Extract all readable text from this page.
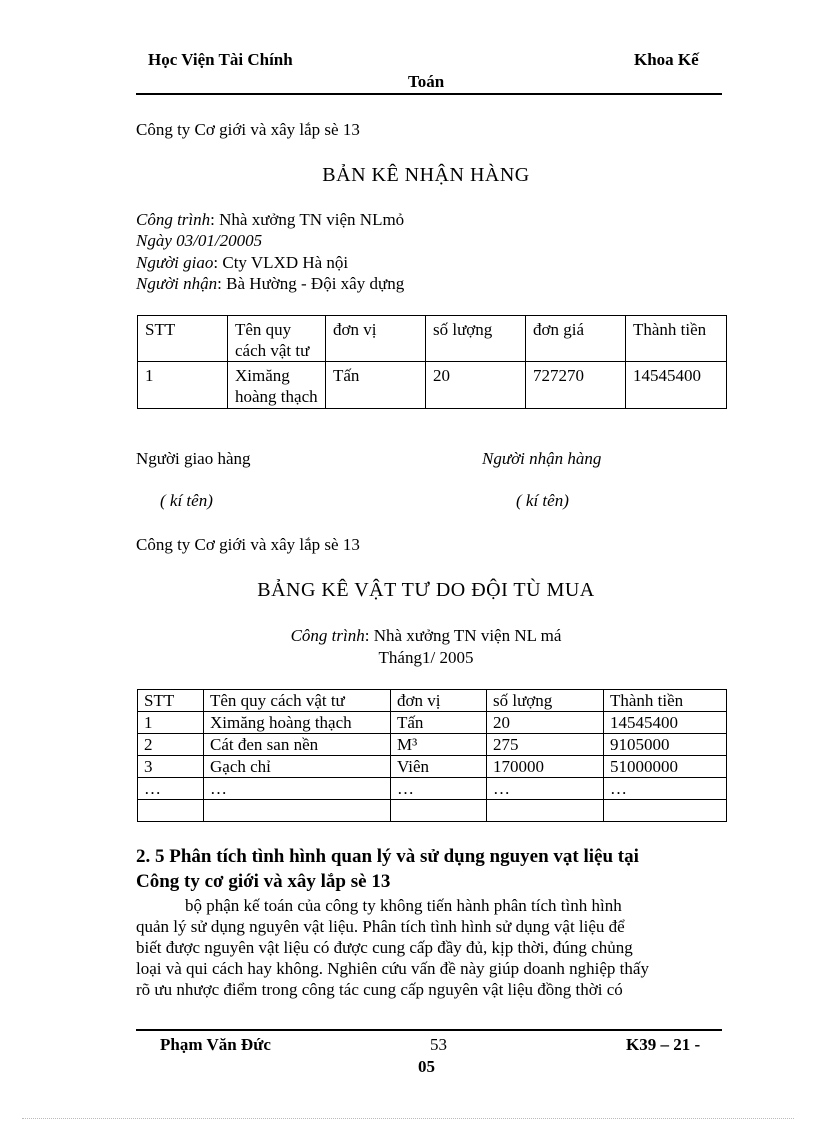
Học Viện Tài Chính	Khoa Kế
Toán
Công ty Cơ giới và xây lắp sè 13
BẢN KÊ NHẬN HÀNG
Công trình: Nhà xưởng TN viện NLmỏ
Ngày 03/01/20005
Người giao: Cty VLXD Hà nội
Người nhận: Bà Hường - Đội xây dựng
STT	Tên quy cách vật tư	đơn vị	số lượng	đơn giá	Thành tiền
1	Ximăng hoàng thạch	Tấn	20	727270	14545400
Người giao hàng	Người nhận hàng
( kí tên)	( kí tên)
Công ty Cơ giới và xây lắp sè 13
BẢNG KÊ VẬT TƯ DO ĐỘI TÙ MUA
Công trình: Nhà xưởng TN viện NL má
Tháng1/ 2005
STT	Tên quy cách vật tư	đơn vị	số lượng	Thành tiền
1	Ximăng hoàng thạch	Tấn	20	14545400
2	Cát đen san nền	M³	275	9105000
3	Gạch chỉ	Viên	170000	51000000
…	…	…	…	…

2. 5 Phân tích tình hình quan lý và sử dụng nguyen vạt liệu tại
Công ty cơ giới và xây lắp sè 13
bộ phận kế toán của công ty không tiến hành phân tích tình hình
quản lý sử dụng nguyên vật liệu. Phân tích tình hình sử dụng vật liệu để
biết được nguyên vật liệu có được cung cấp đầy đủ, kịp thời, đúng chủng
loại và qui cách hay không. Nghiên cứu vấn đề này giúp doanh nghiệp thấy
rõ ưu nhược điểm trong công tác cung cấp nguyên vật liệu đồng thời có
Phạm Văn Đức	53	K39 – 21 -
05
